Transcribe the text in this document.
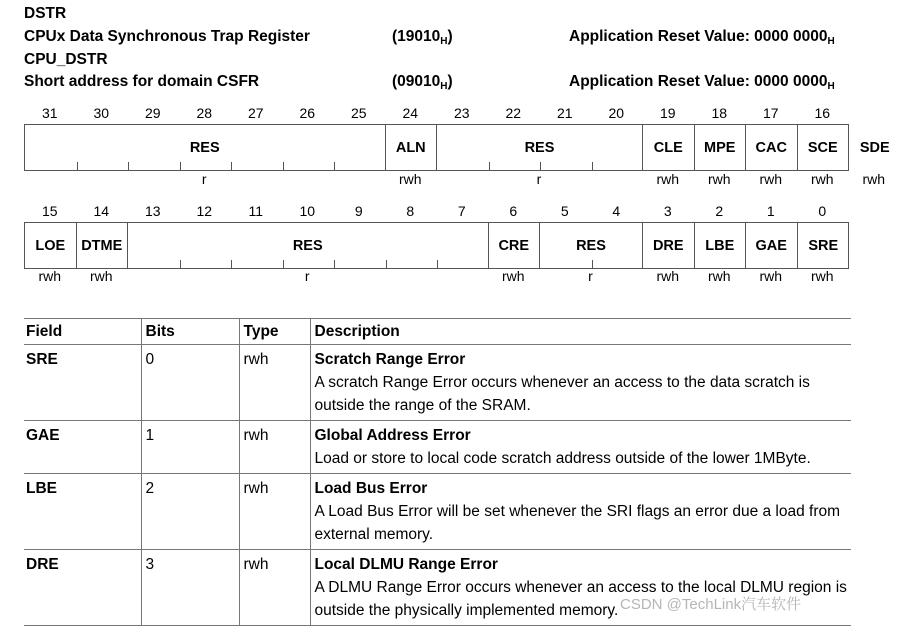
DSTR
CPUx Data Synchronous Trap Register	$(19010_H)$	Application Reset Value: 0000 $0000_H$
CPU_DSTR
Short address for domain CSFR	$(09010_H)$	Application Reset Value: 0000 $0000_H$
31	30	29	28	27	26	25	24	23	22	21	20	19	18	17	16
RES	ALN	RES	CLE	MPE	CAC	SCE	SDE
r	rwh	r	rwh	rwh	rwh	rwh	rwh
15	14	13	12	11	10	9	8	7	6	5	4	3	2	1	0
LOE	DTME	RES	CRE	RES	DRE	LBE	GAE	SRE
rwh	rwh	r	rwh	r	rwh	rwh	rwh	rwh
Field	Bits	Type	Description
SRE	0	rwh	Scratch Range Error
A scratch Range Error occurs whenever an access to the data scratch is outside the range of the SRAM.

GAE	1	rwh	Global Address Error
Load or store to local code scratch address outside of the lower 1MByte.

LBE	2	rwh	Load Bus Error
A Load Bus Error will be set whenever the SRI flags an error due a load from external memory.

DRE	3	rwh	Local DLMU Range Error
A DLMU Range Error occurs whenever an access to the local DLMU region is outside the physically implemented memory. CSDN @TechLink汽车软件
